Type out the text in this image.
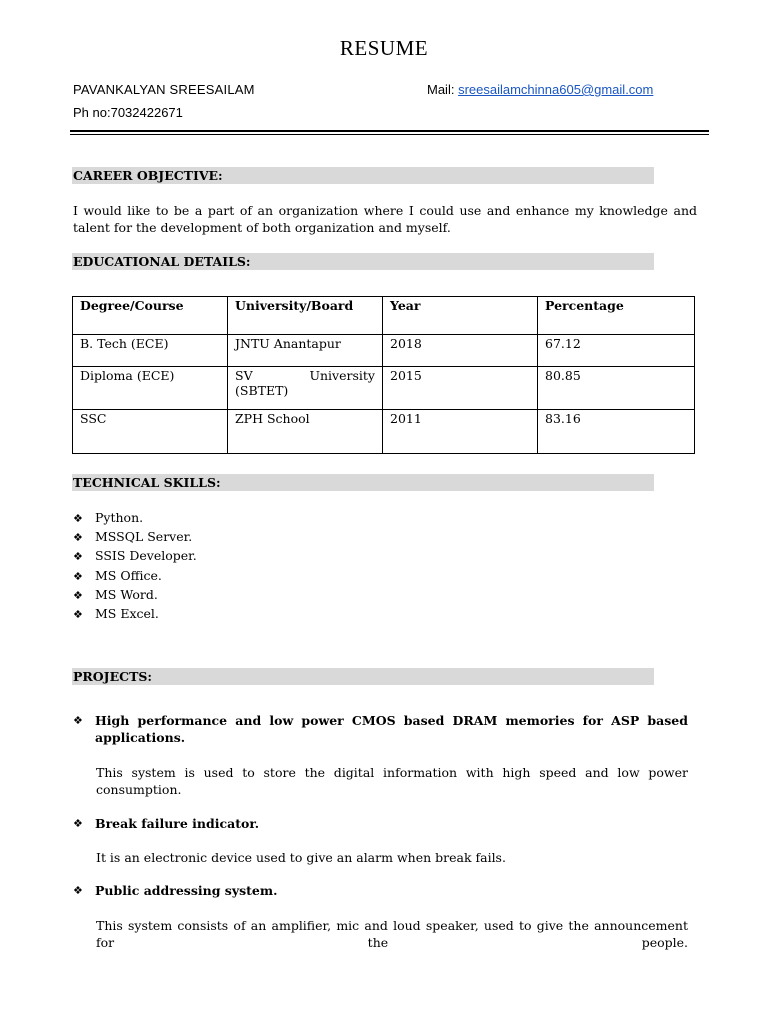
RESUME
PAVANKALYAN SREESAILAM	Mail: sreesailamchinna605@gmail.com
Ph no:7032422671
CAREER OBJECTIVE:
I would like to be a part of an organization where I could use and enhance my knowledge and talent for the development of both organization and myself.
EDUCATIONAL DETAILS:
Degree/Course	University/Board	Year	Percentage
B. Tech (ECE)	JNTU Anantapur	2018	67.12
Diploma (ECE)	SV University (SBTET)	2015	80.85
SSC	ZPH School	2011	83.16
TECHNICAL SKILLS:
❖ Python.
❖ MSSQL Server.
❖ SSIS Developer.
❖ MS Office.
❖ MS Word.
❖ MS Excel.
PROJECTS:
❖ High performance and low power CMOS based DRAM memories for ASP based applications.
This system is used to store the digital information with high speed and low power consumption.
❖ Break failure indicator.
It is an electronic device used to give an alarm when break fails.
❖ Public addressing system.
This system consists of an amplifier, mic and loud speaker, used to give the announcement for the people.
